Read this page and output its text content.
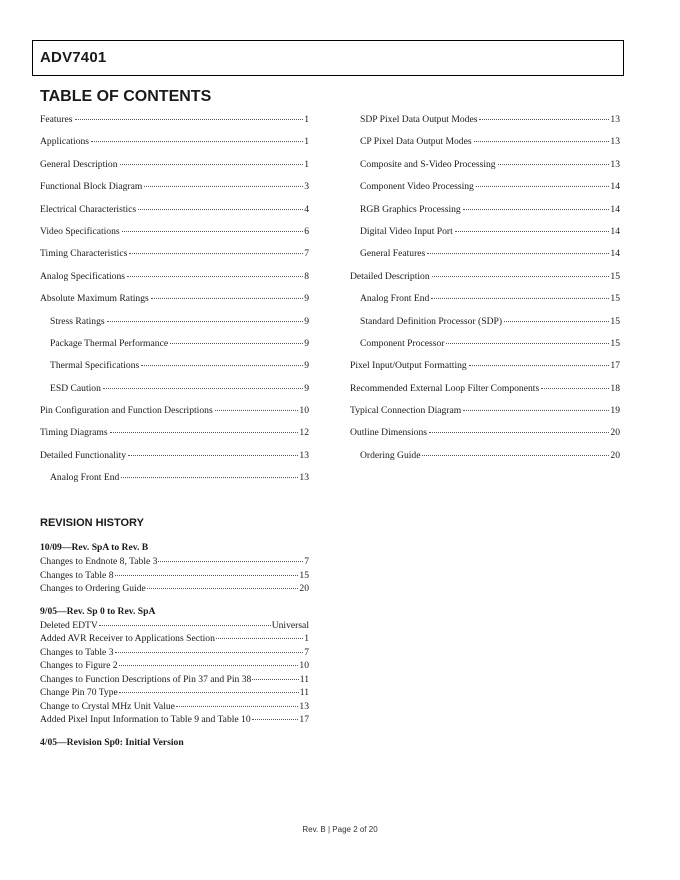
ADV7401
TABLE OF CONTENTS
Features	1
Applications	1
General Description	1
Functional Block Diagram	3
Electrical Characteristics	4
Video Specifications	6
Timing Characteristics	7
Analog Specifications	8
Absolute Maximum Ratings	9
Stress Ratings	9
Package Thermal Performance	9
Thermal Specifications	9
ESD Caution	9
Pin Configuration and Function Descriptions	10
Timing Diagrams	12
Detailed Functionality	13
Analog Front End	13
SDP Pixel Data Output Modes	13
CP Pixel Data Output Modes	13
Composite and S-Video Processing	13
Component Video Processing	14
RGB Graphics Processing	14
Digital Video Input Port	14
General Features	14
Detailed Description	15
Analog Front End	15
Standard Definition Processor (SDP)	15
Component Processor	15
Pixel Input/Output Formatting	17
Recommended External Loop Filter Components	18
Typical Connection Diagram	19
Outline Dimensions	20
Ordering Guide	20
REVISION HISTORY
10/09—Rev. SpA to Rev. B
Changes to Endnote 8, Table 3	7
Changes to Table 8	15
Changes to Ordering Guide	20
9/05—Rev. Sp 0 to Rev. SpA
Deleted EDTV	Universal
Added AVR Receiver to Applications Section	1
Changes to Table 3	7
Changes to Figure 2	10
Changes to Function Descriptions of Pin 37 and Pin 38	11
Change Pin 70 Type	11
Change to Crystal MHz Unit Value	13
Added Pixel Input Information to Table 9 and Table 10	17
4/05—Revision Sp0: Initial Version
Rev. B | Page 2 of 20
